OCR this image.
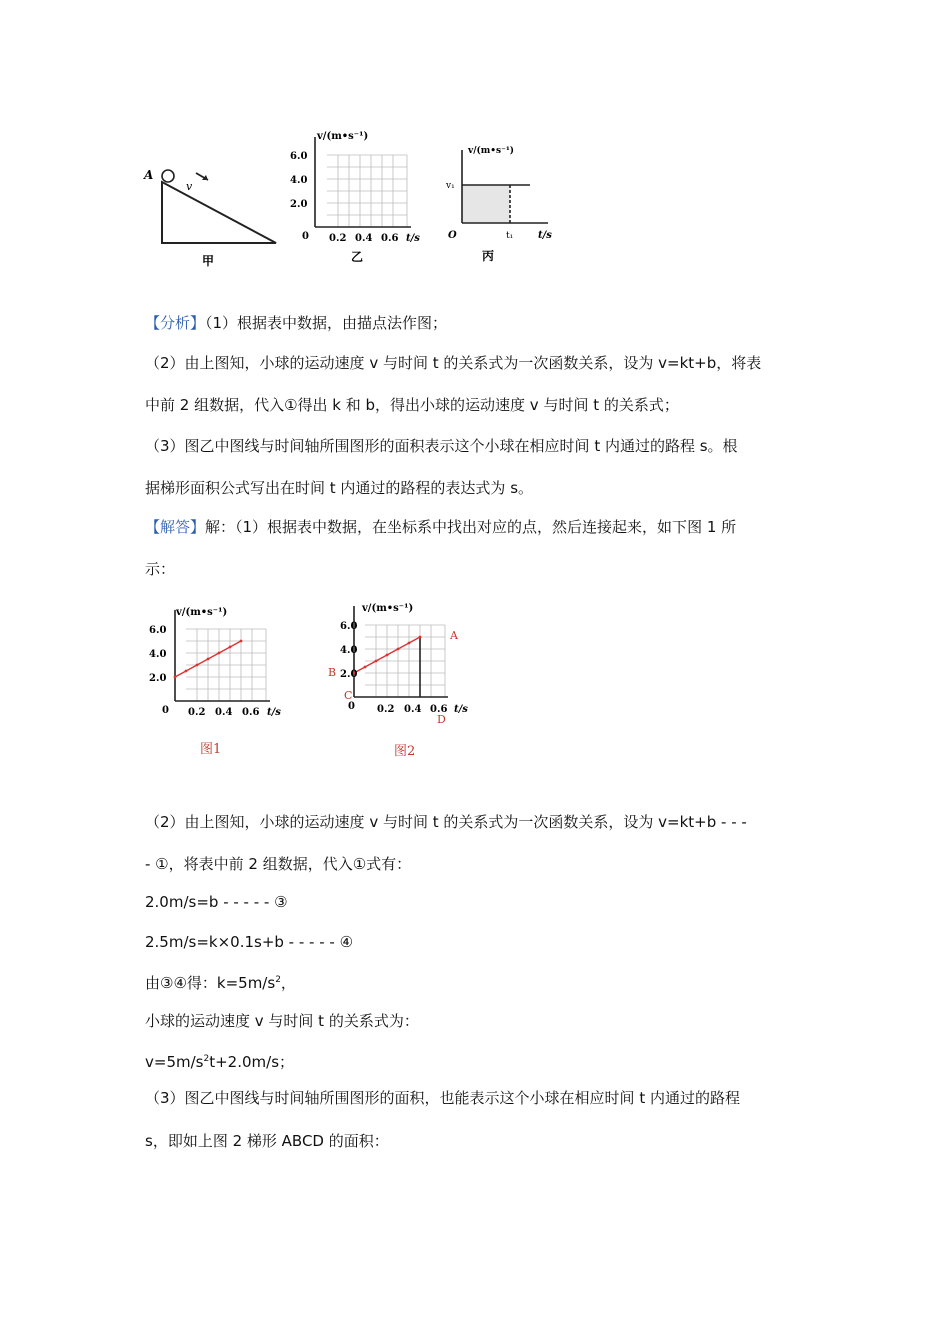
A
v
甲
v/(m•s⁻¹)
6.0
4.0
2.0
0 0.2 0.4 0.6 t/s
乙
v/(m•s⁻¹)
v₁
O	t₁ t/s
丙
【分析】（1）根据表中数据，由描点法作图；
（2）由上图知，小球的运动速度 v 与时间 t 的关系式为一次函数关系，设为 v=kt+b，将表
中前 2 组数据，代入①得出 k 和 b，得出小球的运动速度 v 与时间 t 的关系式；
（3）图乙中图线与时间轴所围图形的面积表示这个小球在相应时间 t 内通过的路程 s。根
据梯形面积公式写出在时间 t 内通过的路程的表达式为 s。
【解答】解：（1）根据表中数据，在坐标系中找出对应的点，然后连接起来，如下图 1 所
示：
v/(m•s⁻¹)
6.0
4.0
2.0
0 0.2 0.4 0.6 t/s
图1
v/(m•s⁻¹)
6.0
4.0
2.0
0 0.2 0.4 0.6 t/s
A
B
C
D
图2
（2）由上图知，小球的运动速度 v 与时间 t 的关系式为一次函数关系，设为 v=kt+b - - -
- ①，将表中前 2 组数据，代入①式有：
2.0m/s=b - - - - - ③
2.5m/s=k×0.1s+b - - - - - ④
由③④得：$k=5m/s^2$，
小球的运动速度 v 与时间 t 的关系式为：
$v=5m/s^2t+2.0m/s$；
（3）图乙中图线与时间轴所围图形的面积，也能表示这个小球在相应时间 t 内通过的路程
s，即如上图 2 梯形 ABCD 的面积：
